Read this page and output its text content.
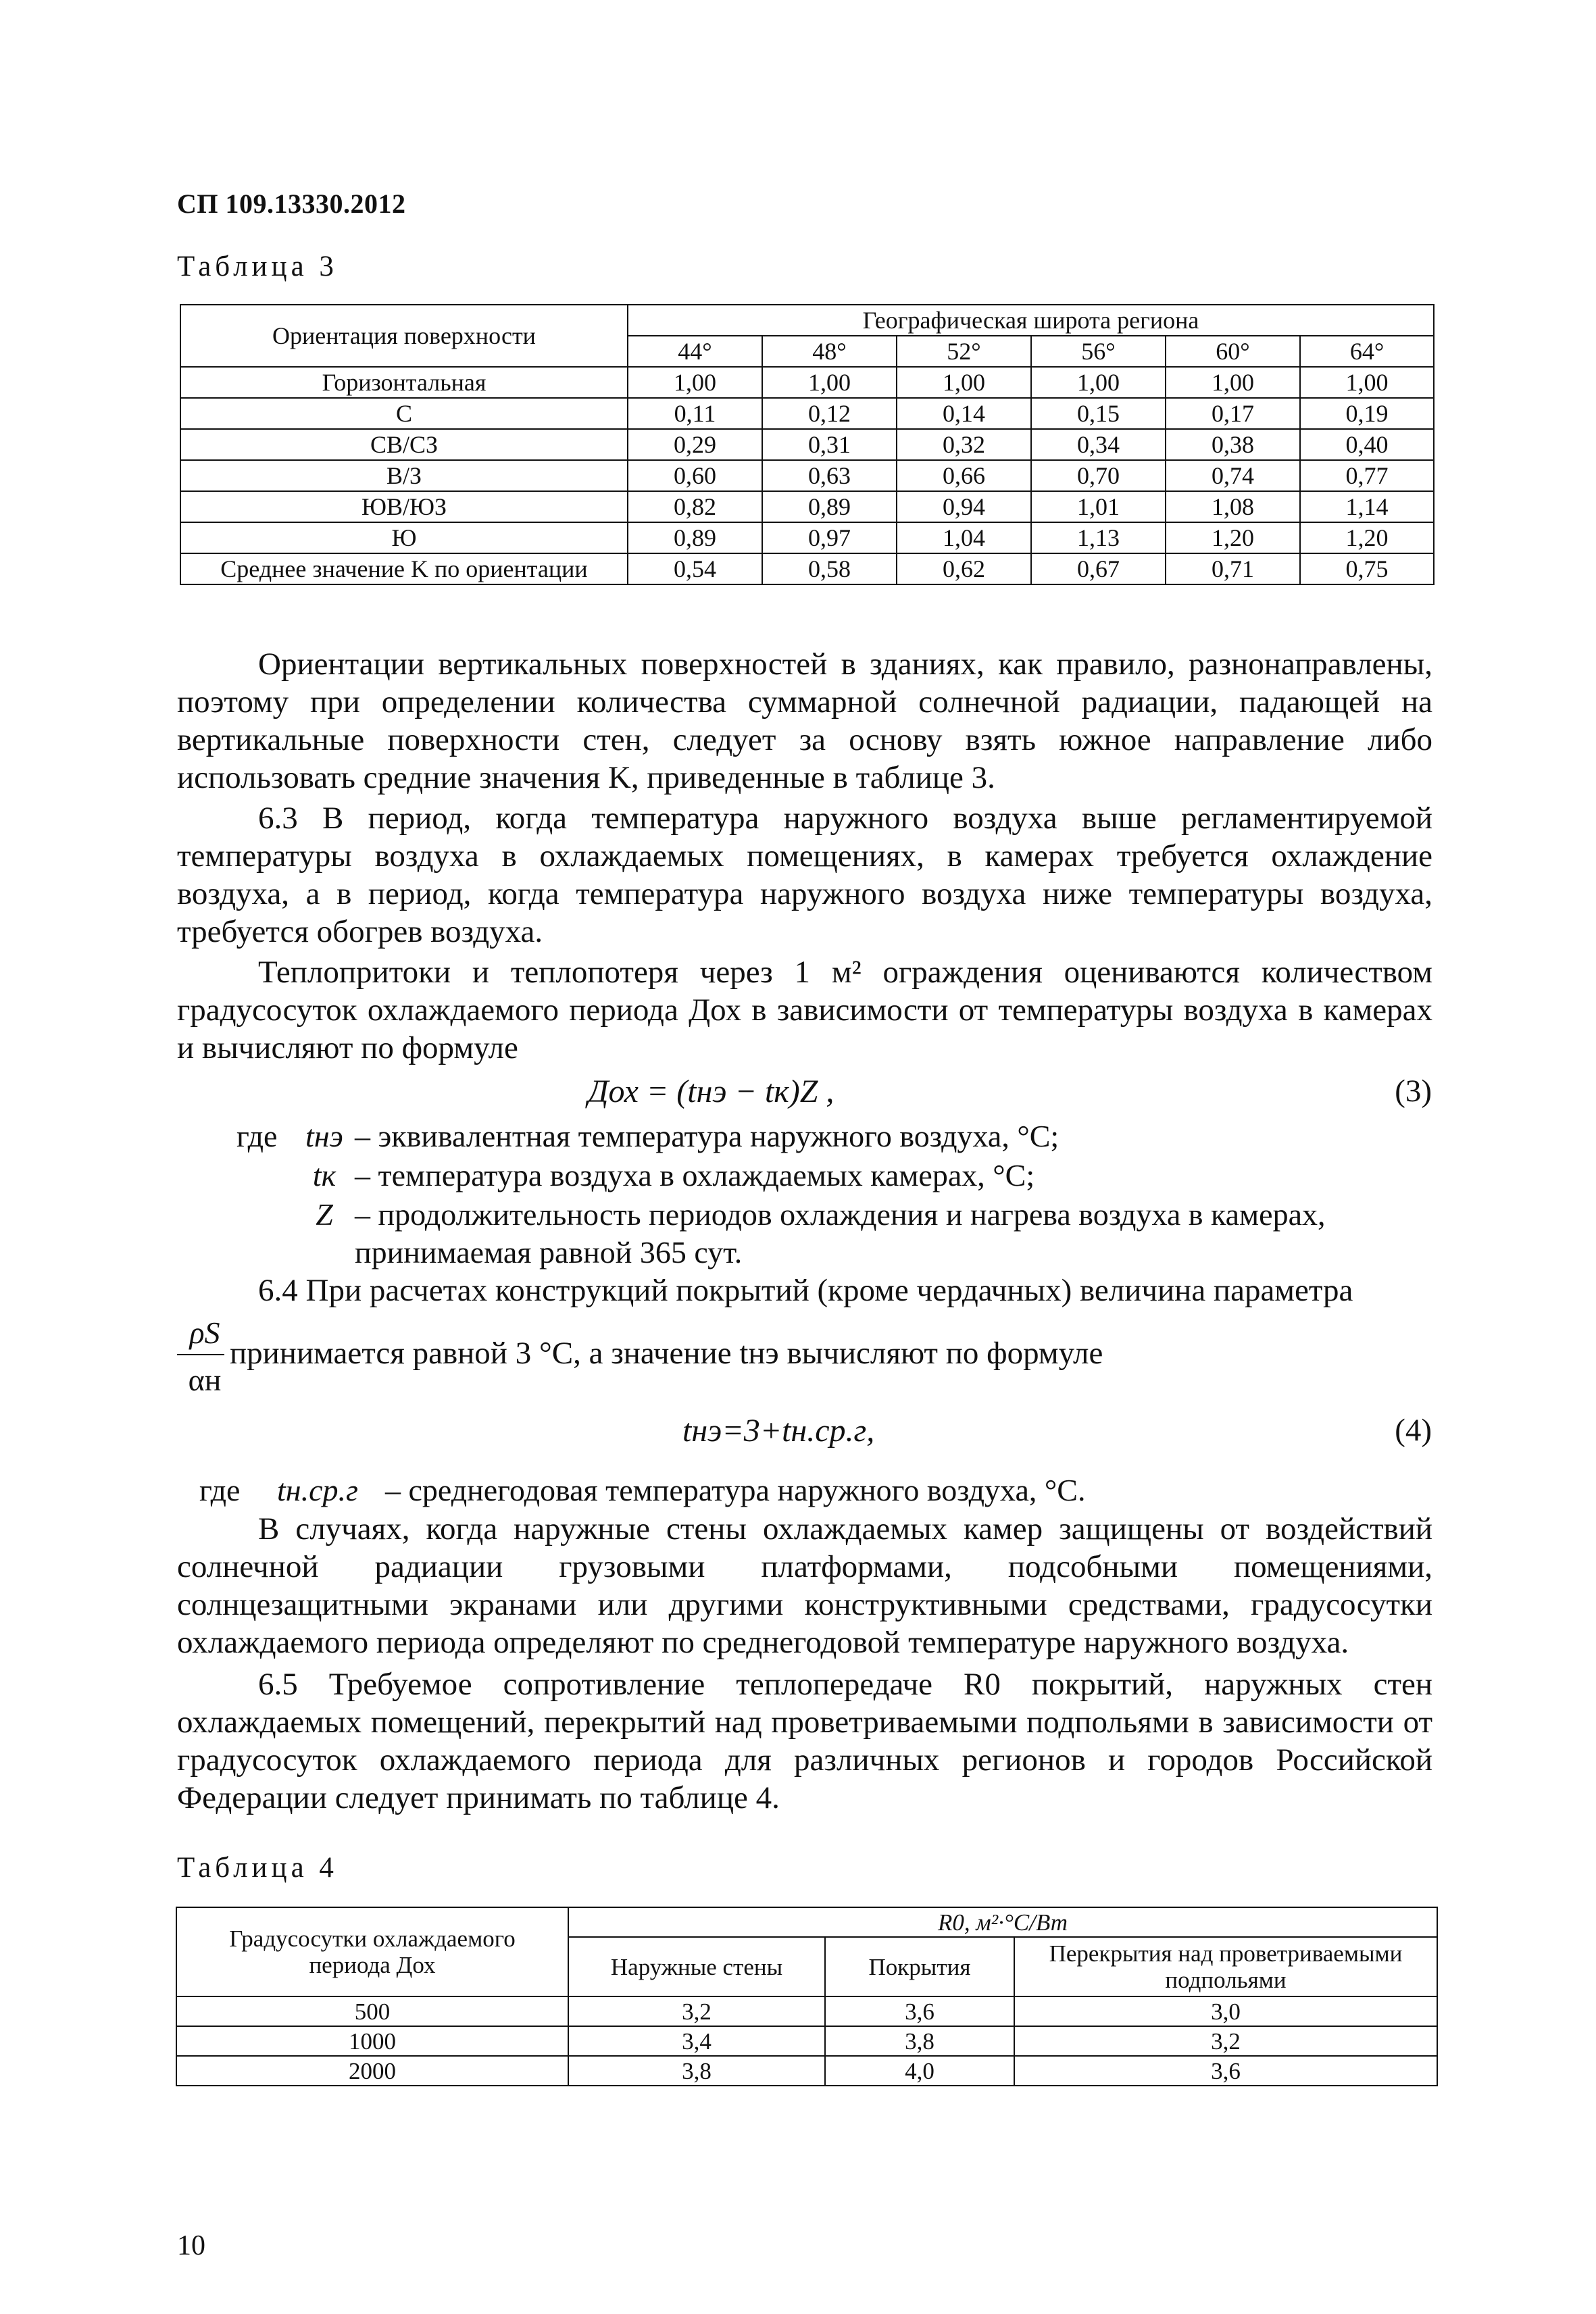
СП 109.13330.2012
Таблица 3
Ориентация поверхности	Географическая широта региона					
	44°	48°	52°	56°	60°	64°
Горизонтальная	1,00	1,00	1,00	1,00	1,00	1,00
С	0,11	0,12	0,14	0,15	0,17	0,19
СВ/СЗ	0,29	0,31	0,32	0,34	0,38	0,40
В/З	0,60	0,63	0,66	0,70	0,74	0,77
ЮВ/ЮЗ	0,82	0,89	0,94	1,01	1,08	1,14
Ю	0,89	0,97	1,04	1,13	1,20	1,20
Среднее значение K по ориентации	0,54	0,58	0,62	0,67	0,71	0,75
Ориентации вертикальных поверхностей в зданиях, как правило, разнонаправлены, поэтому при определении количества суммарной солнечной радиации, падающей на вертикальные поверхности стен, следует за основу взять южное направление либо использовать средние значения K, приведенные в таблице 3.
6.3 В период, когда температура наружного воздуха выше регламентируемой температуры воздуха в охлаждаемых помещениях, в камерах требуется охлаждение воздуха, а в период, когда температура наружного воздуха ниже температуры воздуха, требуется обогрев воздуха.
Теплопритоки и теплопотеря через 1 м² ограждения оцениваются количеством градусосуток охлаждаемого периода Дох в зависимости от температуры воздуха в камерах и вычисляют по формуле
Дох = (tнэ − tк)Z ,	(3)
где tнэ – эквивалентная температура наружного воздуха, °С;
tк – температура воздуха в охлаждаемых камерах, °С;
Z – продолжительность периодов охлаждения и нагрева воздуха в камерах, принимаемая равной 365 сут.
6.4 При расчетах конструкций покрытий (кроме чердачных) величина параметра
ρS
αн
принимается равной 3 °С, а значение tнэ вычисляют по формуле
tнэ=3+tн.ср.г,	(4)
где tн.ср.г – среднегодовая температура наружного воздуха, °С.
В случаях, когда наружные стены охлаждаемых камер защищены от воздействий солнечной радиации грузовыми платформами, подсобными помещениями, солнцезащитными экранами или другими конструктивными средствами, градусосутки охлаждаемого периода определяют по среднегодовой температуре наружного воздуха.
6.5 Требуемое сопротивление теплопередаче R0 покрытий, наружных стен охлаждаемых помещений, перекрытий над проветриваемыми подпольями в зависимости от градусосуток охлаждаемого периода для различных регионов и городов Российской Федерации следует принимать по таблице 4.
Таблица 4
Градусосутки охлаждаемого периода Дох	R0, м²·°С/Вт		
	Наружные стены	Покрытия	Перекрытия над проветриваемыми подпольями
500	3,2	3,6	3,0
1000	3,4	3,8	3,2
2000	3,8	4,0	3,6
10
